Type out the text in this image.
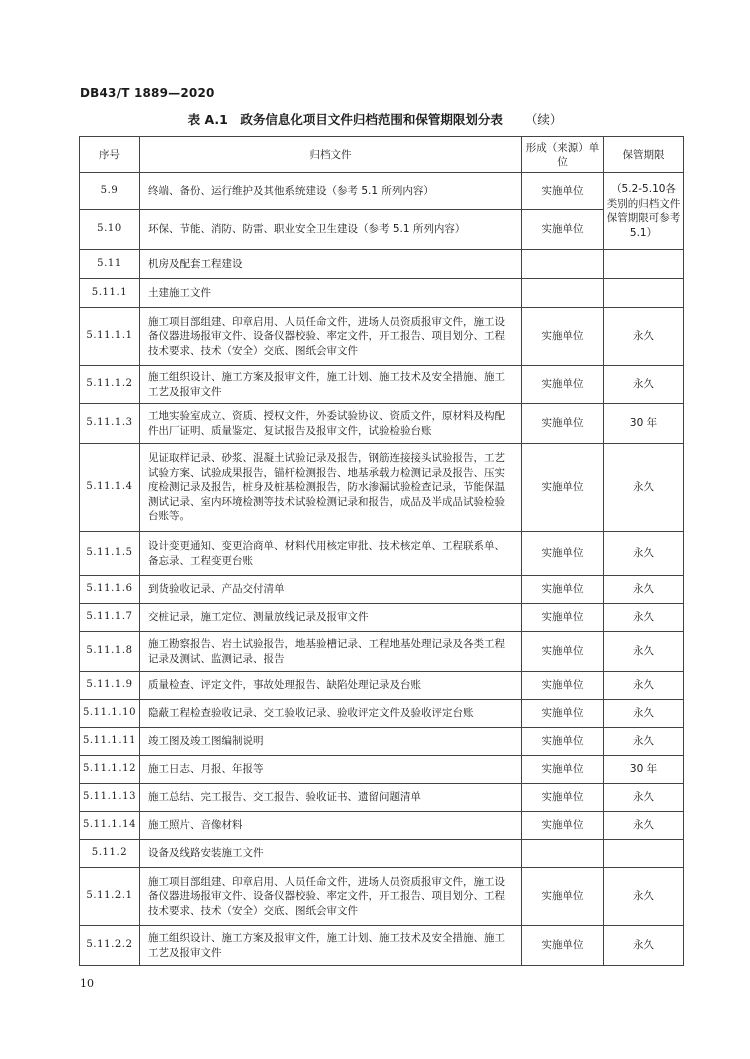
DB43/T 1889—2020
表 A.1　政务信息化项目文件归档范围和保管期限划分表 （续）
序号	归档文件	形成（来源）单位	保管期限
5.9	终端、备份、运行维护及其他系统建设（参考 5.1 所列内容）	实施单位	（5.2-5.10各类别的归档文件保管期限可参考5.1）
5.10	环保、节能、消防、防雷、职业安全卫生建设（参考 5.1 所列内容）	实施单位	
5.11	机房及配套工程建设		
5.11.1	土建施工文件		
5.11.1.1	施工项目部组建、印章启用、人员任命文件，进场人员资质报审文件，施工设备仪器进场报审文件、设备仪器校验、率定文件，开工报告、项目划分、工程技术要求、技术（安全）交底、图纸会审文件	实施单位	永久
5.11.1.2	施工组织设计、施工方案及报审文件，施工计划、施工技术及安全措施、施工工艺及报审文件	实施单位	永久
5.11.1.3	工地实验室成立、资质、授权文件，外委试验协议、资质文件，原材料及构配件出厂证明、质量鉴定、复试报告及报审文件，试验检验台账	实施单位	30 年
5.11.1.4	见证取样记录、砂浆、混凝土试验记录及报告，钢筋连接接头试验报告，工艺试验方案、试验成果报告，锚杆检测报告、地基承载力检测记录及报告、压实度检测记录及报告，桩身及桩基检测报告，防水渗漏试验检查记录，节能保温测试记录、室内环境检测等技术试验检测记录和报告，成品及半成品试验检验台账等。	实施单位	永久
5.11.1.5	设计变更通知、变更洽商单、材料代用核定审批、技术核定单、工程联系单、备忘录、工程变更台账	实施单位	永久
5.11.1.6	到货验收记录、产品交付清单	实施单位	永久
5.11.1.7	交桩记录，施工定位、测量放线记录及报审文件	实施单位	永久
5.11.1.8	施工勘察报告、岩土试验报告，地基验槽记录、工程地基处理记录及各类工程记录及测试、监测记录、报告	实施单位	永久
5.11.1.9	质量检查、评定文件，事故处理报告、缺陷处理记录及台账	实施单位	永久
5.11.1.10	隐蔽工程检查验收记录、交工验收记录、验收评定文件及验收评定台账	实施单位	永久
5.11.1.11	竣工图及竣工图编制说明	实施单位	永久
5.11.1.12	施工日志、月报、年报等	实施单位	30 年
5.11.1.13	施工总结、完工报告、交工报告、验收证书、遗留问题清单	实施单位	永久
5.11.1.14	施工照片、音像材料	实施单位	永久
5.11.2	设备及线路安装施工文件		
5.11.2.1	施工项目部组建、印章启用、人员任命文件，进场人员资质报审文件，施工设备仪器进场报审文件、设备仪器校验、率定文件，开工报告、项目划分、工程技术要求、技术（安全）交底、图纸会审文件	实施单位	永久
5.11.2.2	施工组织设计、施工方案及报审文件，施工计划、施工技术及安全措施、施工工艺及报审文件	实施单位	永久
10
